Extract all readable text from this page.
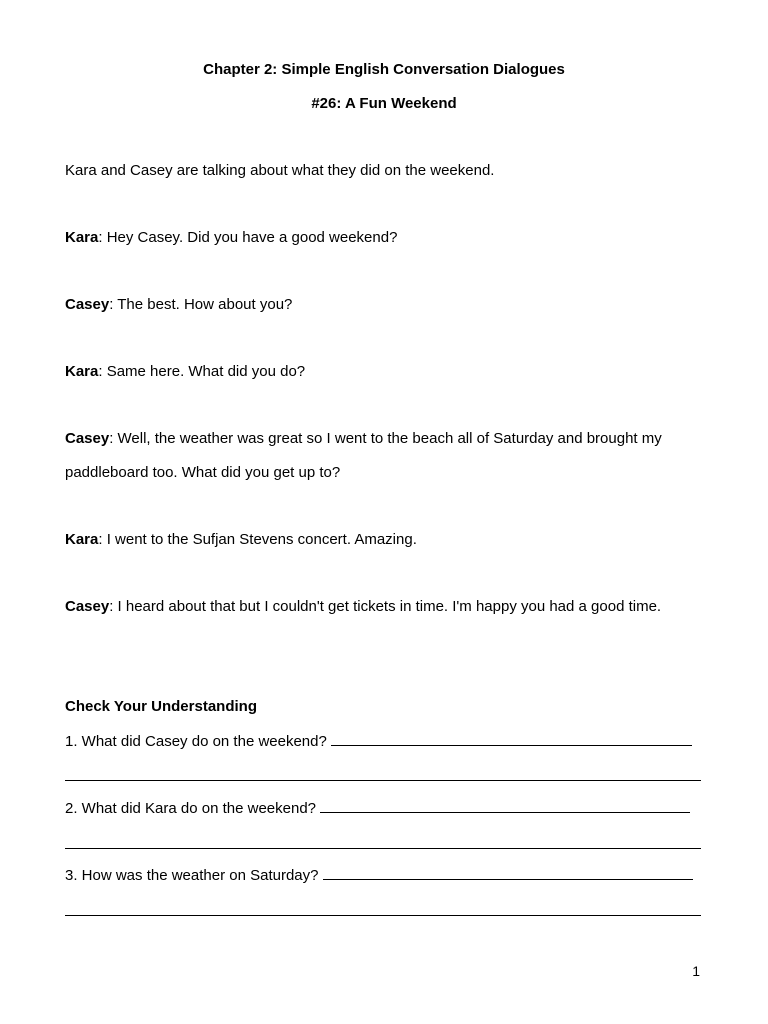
Chapter 2: Simple English Conversation Dialogues
#26: A Fun Weekend
Kara and Casey are talking about what they did on the weekend.
Kara: Hey Casey. Did you have a good weekend?
Casey: The best. How about you?
Kara: Same here. What did you do?
Casey: Well, the weather was great so I went to the beach all of Saturday and brought my
paddleboard too. What did you get up to?
Kara: I went to the Sufjan Stevens concert. Amazing.
Casey: I heard about that but I couldn't get tickets in time. I'm happy you had a good time.
Check Your Understanding
1. What did Casey do on the weekend?
2. What did Kara do on the weekend?
3. How was the weather on Saturday?
1
